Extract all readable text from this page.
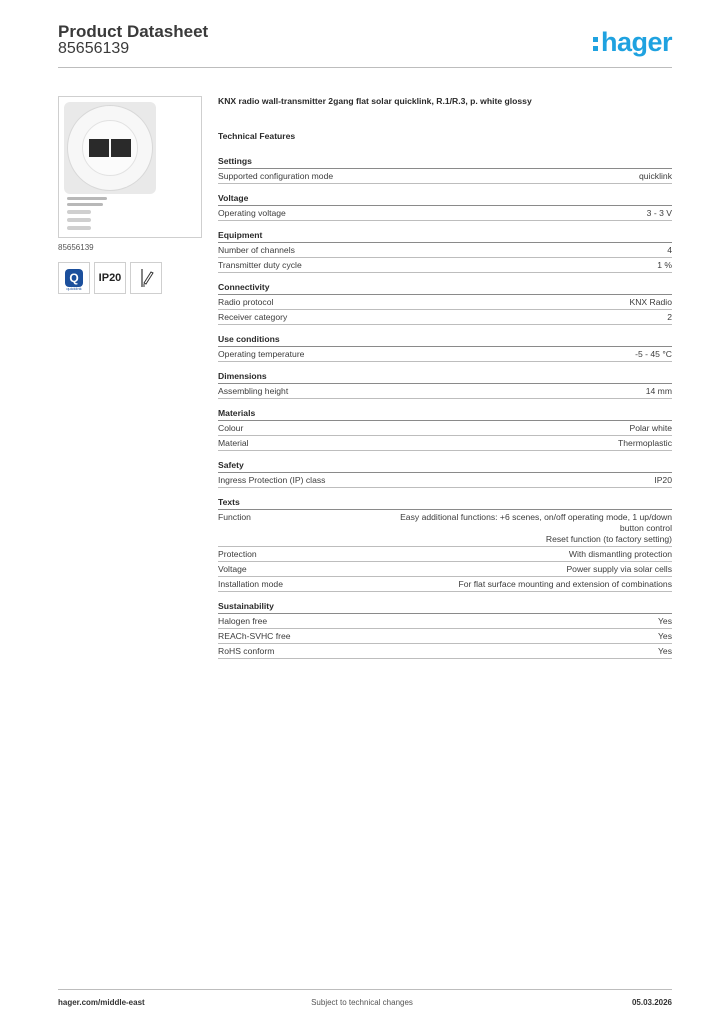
Product Datasheet
85656139	hager
85656139
Q
quicklink
IP20
KNX radio wall-transmitter 2gang flat solar quicklink, R.1/R.3, p. white glossy
Technical Features
Settings
Supported configuration mode	quicklink
Voltage
Operating voltage	3 - 3 V
Equipment
Number of channels	4
Transmitter duty cycle	1 %
Connectivity
Radio protocol	KNX Radio
Receiver category	2
Use conditions
Operating temperature	-5 - 45 °C
Dimensions
Assembling height	14 mm
Materials
Colour	Polar white
Material	Thermoplastic
Safety
Ingress Protection (IP) class	IP20
Texts
Function	Easy additional functions: +6 scenes, on/off operating mode, 1 up/down
button control
Reset function (to factory setting)
Protection	With dismantling protection
Voltage	Power supply via solar cells
Installation mode	For flat surface mounting and extension of combinations
Sustainability
Halogen free	Yes
REACh-SVHC free	Yes
RoHS conform	Yes
hager.com/middle-east	Subject to technical changes	05.03.2026
